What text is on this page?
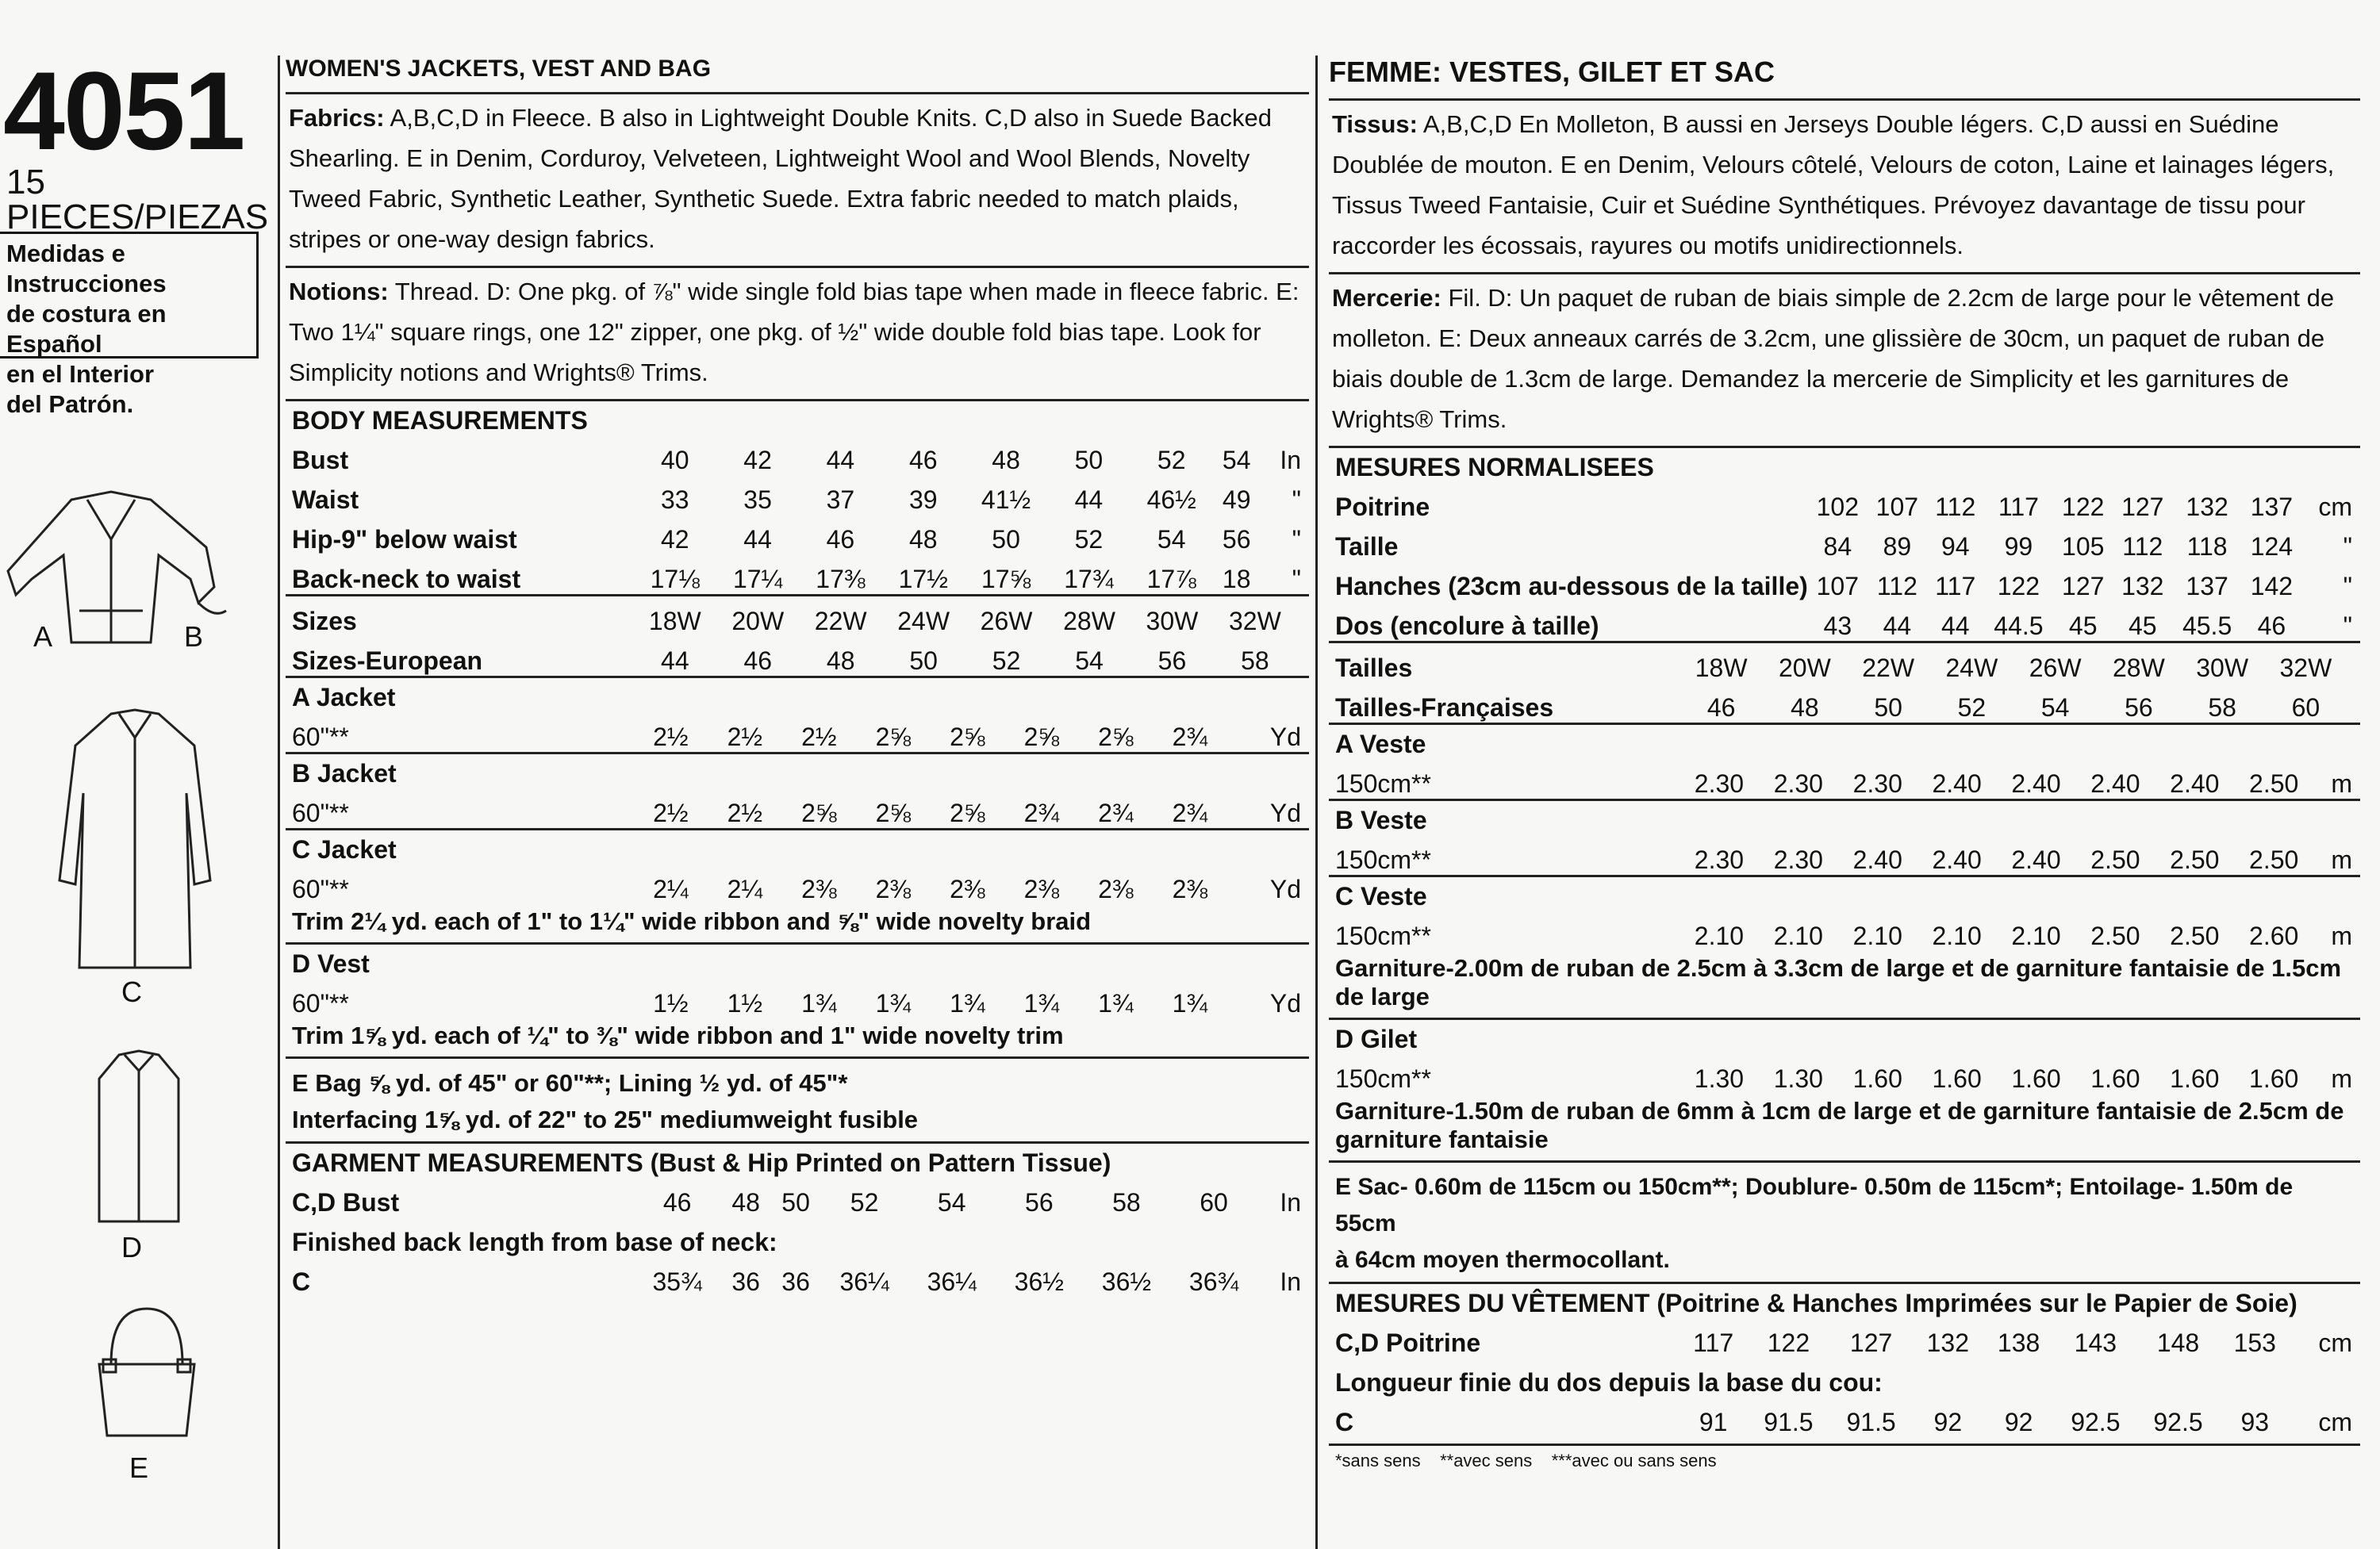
4051
15 PIECES/PIEZAS
Medidas e Instrucciones
de costura en Español
en el Interior
del Patrón.
A	B
C
D
E
WOMEN'S JACKETS, VEST AND BAG
Fabrics: A,B,C,D in Fleece. B also in Lightweight Double Knits. C,D also in Suede Backed Shearling. E in Denim, Corduroy, Velveteen, Lightweight Wool and Wool Blends, Novelty Tweed Fabric, Synthetic Leather, Synthetic Suede. Extra fabric needed to match plaids, stripes or one-way design fabrics.
Notions: Thread. D: One pkg. of ⅞" wide single fold bias tape when made in fleece fabric. E: Two 1¼" square rings, one 12" zipper, one pkg. of ½" wide double fold bias tape. Look for Simplicity notions and Wrights® Trims.
BODY MEASUREMENTS
Bust	40	42	44	46	48	50	52	54	In
Waist	33	35	37	39	41½	44	46½	49	"
Hip-9" below waist	42	44	46	48	50	52	54	56	"
Back-neck to waist	17⅛	17¼	17⅜	17½	17⅝	17¾	17⅞	18	"
Sizes	18W	20W	22W	24W	26W	28W	30W	32W	
Sizes-European	44	46	48	50	52	54	56	58	
A Jacket
60"**	2½	2½	2½	2⅝	2⅝	2⅝	2⅝	2¾	Yd
B Jacket
60"**	2½	2½	2⅝	2⅝	2⅝	2¾	2¾	2¾	Yd
C Jacket
60"**	2¼	2¼	2⅜	2⅜	2⅜	2⅜	2⅜	2⅜	Yd
Trim 2¼ yd. each of 1" to 1¼" wide ribbon and ⅝" wide novelty braid
D Vest
60"**	1½	1½	1¾	1¾	1¾	1¾	1¾	1¾	Yd
Trim 1⅝ yd. each of ¼" to ⅜" wide ribbon and 1" wide novelty trim
E Bag ⅝ yd. of 45" or 60"**; Lining ½ yd. of 45"*
Interfacing 1⅝ yd. of 22" to 25" mediumweight fusible
GARMENT MEASUREMENTS (Bust & Hip Printed on Pattern Tissue)
C,D Bust	46	48	50	52	54	56	58	60	In
Finished back length from base of neck:									
C	35¾	36	36	36¼	36¼	36½	36½	36¾	In
FEMME: VESTES, GILET ET SAC
Tissus: A,B,C,D En Molleton, B aussi en Jerseys Double légers. C,D aussi en Suédine Doublée de mouton. E en Denim, Velours côtelé, Velours de coton, Laine et lainages légers, Tissus Tweed Fantaisie, Cuir et Suédine Synthétiques. Prévoyez davantage de tissu pour raccorder les écossais, rayures ou motifs unidirectionnels.
Mercerie: Fil. D: Un paquet de ruban de biais simple de 2.2cm de large pour le vêtement de molleton. E: Deux anneaux carrés de 3.2cm, une glissière de 30cm, un paquet de ruban de biais double de 1.3cm de large. Demandez la mercerie de Simplicity et les garnitures de Wrights® Trims.
MESURES NORMALISEES
Poitrine	102	107	112	117	122	127	132	137	cm
Taille	84	89	94	99	105	112	118	124	"
Hanches (23cm au-dessous de la taille)	107	112	117	122	127	132	137	142	"
Dos (encolure à taille)	43	44	44	44.5	45	45	45.5	46	"
Tailles	18W	20W	22W	24W	26W	28W	30W	32W	
Tailles-Françaises	46	48	50	52	54	56	58	60	
A Veste
150cm**	2.30	2.30	2.30	2.40	2.40	2.40	2.40	2.50	m
B Veste
150cm**	2.30	2.30	2.40	2.40	2.40	2.50	2.50	2.50	m
C Veste
150cm**	2.10	2.10	2.10	2.10	2.10	2.50	2.50	2.60	m
Garniture-2.00m de ruban de 2.5cm à 3.3cm de large et de garniture fantaisie de 1.5cm de large
D Gilet
150cm**	1.30	1.30	1.60	1.60	1.60	1.60	1.60	1.60	m
Garniture-1.50m de ruban de 6mm à 1cm de large et de garniture fantaisie de 2.5cm de garniture fantaisie
E Sac- 0.60m de 115cm ou 150cm**; Doublure- 0.50m de 115cm*; Entoilage- 1.50m de 55cm
à 64cm moyen thermocollant.
MESURES DU VÊTEMENT (Poitrine & Hanches Imprimées sur le Papier de Soie)
C,D Poitrine	117	122	127	132	138	143	148	153	cm
Longueur finie du dos depuis la base du cou:									
C	91	91.5	91.5	92	92	92.5	92.5	93	cm
*sans sens    **avec sens    ***avec ou sans sens
